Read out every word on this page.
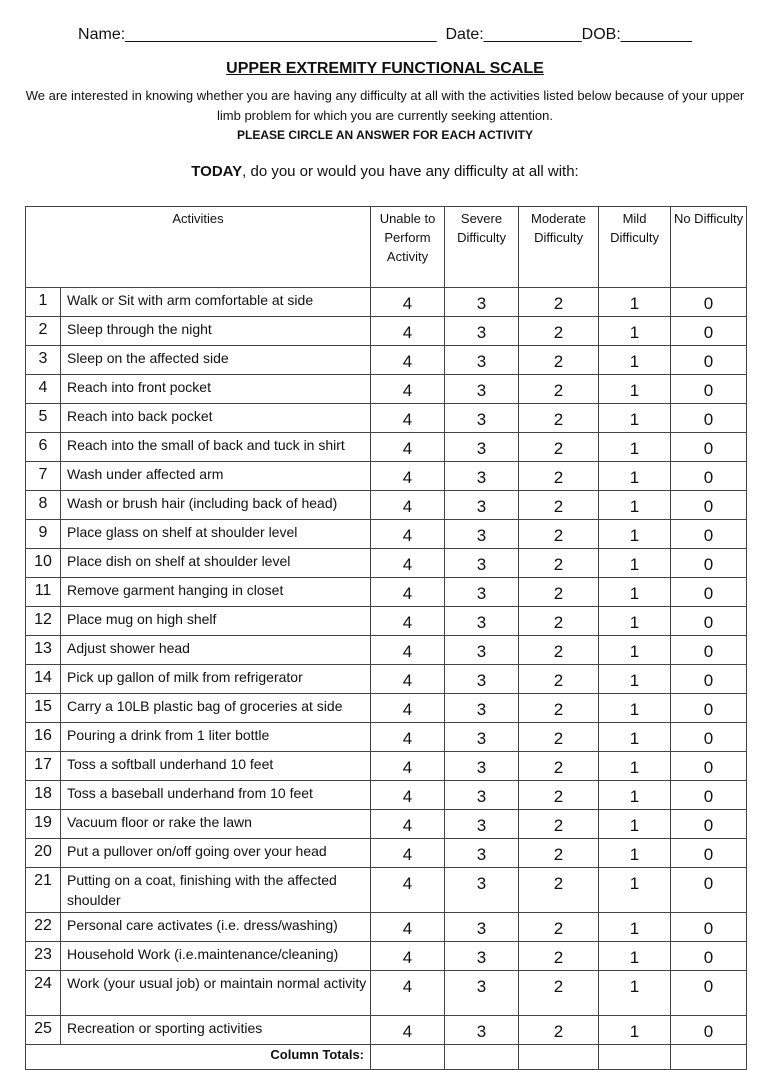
Name:___________________________________ Date:___________DOB:________
UPPER EXTREMITY FUNCTIONAL SCALE
We are interested in knowing whether you are having any difficulty at all with the activities listed below because of your upper limb problem for which you are currently seeking attention.
PLEASE CIRCLE AN ANSWER FOR EACH ACTIVITY
TODAY, do you or would you have any difficulty at all with:
Activities		Unable to Perform Activity	Severe Difficulty	Moderate Difficulty	Mild Difficulty	No Difficulty
1	Walk or Sit with arm comfortable at side	4	3	2	1	0
2	Sleep through the night	4	3	2	1	0
3	Sleep on the affected side	4	3	2	1	0
4	Reach into front pocket	4	3	2	1	0
5	Reach into back pocket	4	3	2	1	0
6	Reach into the small of back and tuck in shirt	4	3	2	1	0
7	Wash under affected arm	4	3	2	1	0
8	Wash or brush hair (including back of head)	4	3	2	1	0
9	Place glass on shelf at shoulder level	4	3	2	1	0
10	Place dish on shelf at shoulder level	4	3	2	1	0
11	Remove garment hanging in closet	4	3	2	1	0
12	Place mug on high shelf	4	3	2	1	0
13	Adjust shower head	4	3	2	1	0
14	Pick up gallon of milk from refrigerator	4	3	2	1	0
15	Carry a 10LB plastic bag of groceries at side	4	3	2	1	0
16	Pouring a drink from 1 liter bottle	4	3	2	1	0
17	Toss a softball underhand 10 feet	4	3	2	1	0
18	Toss a baseball underhand from 10 feet	4	3	2	1	0
19	Vacuum floor or rake the lawn	4	3	2	1	0
20	Put a pullover on/off going over your head	4	3	2	1	0
21	Putting on a coat, finishing with the affected shoulder	4	3	2	1	0
22	Personal care activates (i.e. dress/washing)	4	3	2	1	0
23	Household Work (i.e.maintenance/cleaning)	4	3	2	1	0
24	Work (your usual job) or maintain normal activity	4	3	2	1	0
25	Recreation or sporting activities	4	3	2	1	0
Column Totals:						
